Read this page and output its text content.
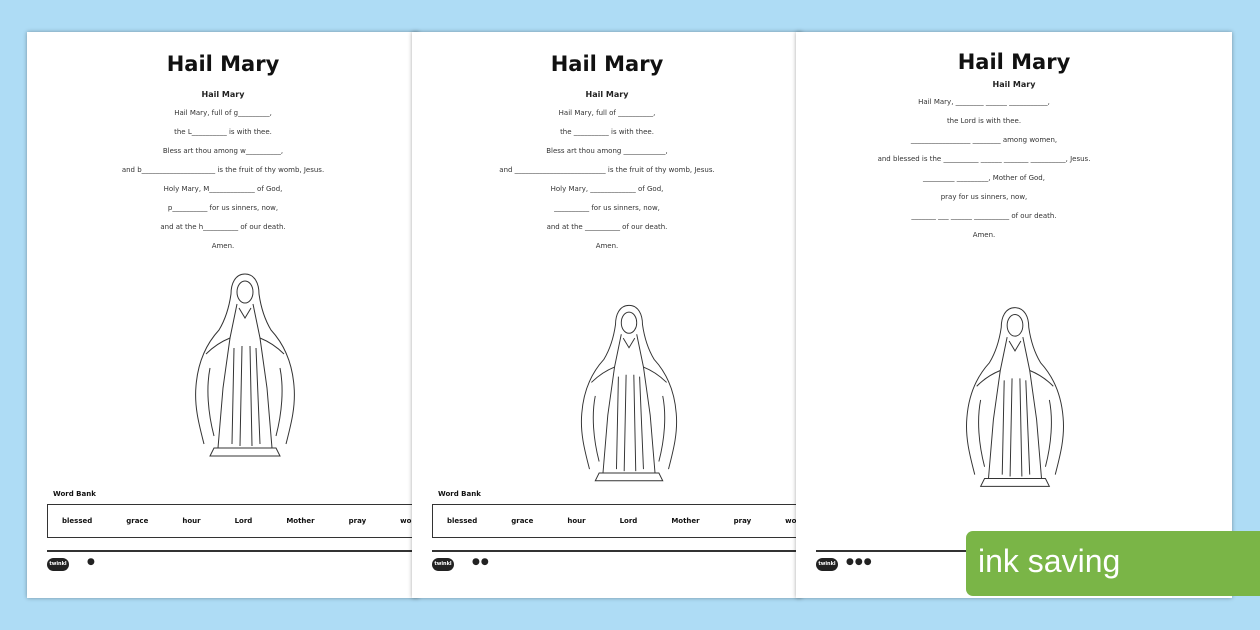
Hail Mary
Hail Mary
Hail Mary, full of g_________,
the L__________ is with thee.
Bless art thou among w__________,
and b_____________________ is the fruit of thy womb, Jesus.
Holy Mary, M_____________ of God,
p__________ for us sinners, now,
and at the h__________ of our death.
Amen.
Word Bank
blessed	grace	hour	Lord	Mother	pray	wo
twinkl ●
Hail Mary
Hail Mary
Hail Mary, full of __________,
the __________ is with thee.
Bless art thou among ____________,
and __________________________ is the fruit of thy womb, Jesus.
Holy Mary, _____________ of God,
__________ for us sinners, now,
and at the __________ of our death.
Amen.
Word Bank
blessed	grace	hour	Lord	Mother	pray	wo
twinkl ●●
Hail Mary
Hail Mary
Hail Mary, ________ ______ ___________,
the Lord is with thee.
_________________ ________ among women,
and blessed is the __________ ______ _______ __________, Jesus.
_________ _________, Mother of God,
pray for us sinners, now,
_______ ___ ______ __________ of our death.
Amen.
twinkl ●●●	ink saving
